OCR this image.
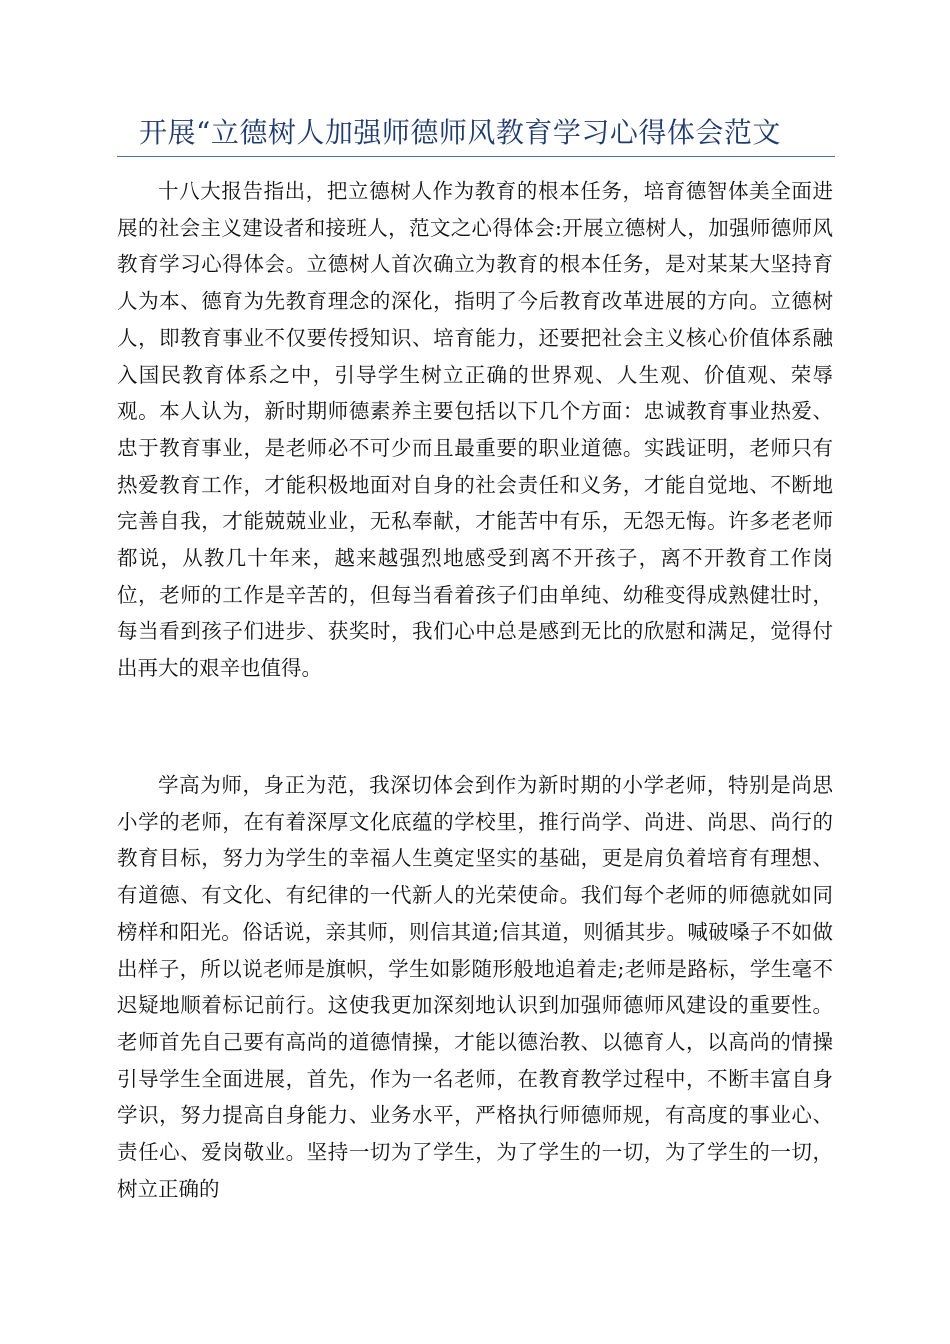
开展“立德树人加强师德师风教育学习心得体会范文

十八大报告指出，把立德树人作为教育的根本任务，培育德智体美全面进展的社会主义建设者和接班人，范文之心得体会:开展立德树人，加强师德师风教育学习心得体会。立德树人首次确立为教育的根本任务，是对某某大坚持育人为本、德育为先教育理念的深化，指明了今后教育改革进展的方向。立德树人，即教育事业不仅要传授知识、培育能力，还要把社会主义核心价值体系融入国民教育体系之中，引导学生树立正确的世界观、人生观、价值观、荣辱观。本人认为，新时期师德素养主要包括以下几个方面：忠诚教育事业热爱、忠于教育事业，是老师必不可少而且最重要的职业道德。实践证明，老师只有热爱教育工作，才能积极地面对自身的社会责任和义务，才能自觉地、不断地完善自我，才能兢兢业业，无私奉献，才能苦中有乐，无怨无悔。许多老老师都说，从教几十年来，越来越强烈地感受到离不开孩子，离不开教育工作岗位，老师的工作是辛苦的，但每当看着孩子们由单纯、幼稚变得成熟健壮时，每当看到孩子们进步、获奖时，我们心中总是感到无比的欣慰和满足，觉得付出再大的艰辛也值得。

学高为师，身正为范，我深切体会到作为新时期的小学老师，特别是尚思小学的老师，在有着深厚文化底蕴的学校里，推行尚学、尚进、尚思、尚行的教育目标，努力为学生的幸福人生奠定坚实的基础，更是肩负着培育有理想、有道德、有文化、有纪律的一代新人的光荣使命。我们每个老师的师德就如同榜样和阳光。俗话说，亲其师，则信其道;信其道，则循其步。喊破嗓子不如做出样子，所以说老师是旗帜，学生如影随形般地追着走;老师是路标，学生毫不迟疑地顺着标记前行。这使我更加深刻地认识到加强师德师风建设的重要性。老师首先自己要有高尚的道德情操，才能以德治教、以德育人，以高尚的情操引导学生全面进展，首先，作为一名老师，在教育教学过程中，不断丰富自身学识，努力提高自身能力、业务水平，严格执行师德师规，有高度的事业心、责任心、爱岗敬业。坚持一切为了学生，为了学生的一切，为了学生的一切，树立正确的
